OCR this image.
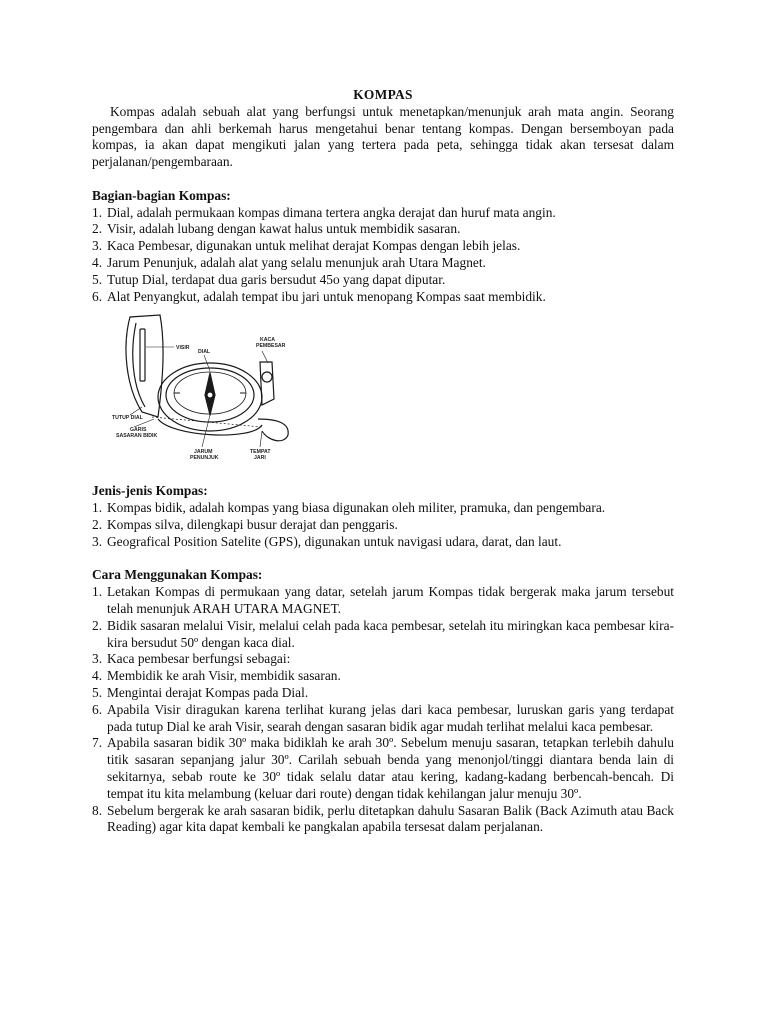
KOMPAS

Kompas adalah sebuah alat yang berfungsi untuk menetapkan/menunjuk arah mata angin. Seorang pengembara dan ahli berkemah harus mengetahui benar tentang kompas. Dengan bersemboyan pada kompas, ia akan dapat mengikuti jalan yang tertera pada peta, sehingga tidak akan tersesat dalam perjalanan/pengembaraan.

Bagian-bagian Kompas:

1. Dial, adalah permukaan kompas dimana tertera angka derajat dan huruf mata angin.
2. Visir, adalah lubang dengan kawat halus untuk membidik sasaran.
3. Kaca Pembesar, digunakan untuk melihat derajat Kompas dengan lebih jelas.
4. Jarum Penunjuk, adalah alat yang selalu menunjuk arah Utara Magnet.
5. Tutup Dial, terdapat dua garis bersudut 45o yang dapat diputar.
6. Alat Penyangkut, adalah tempat ibu jari untuk menopang Kompas saat membidik.
VISIR
KACA
PEMBESAR
DIAL
TUTUP DIAL
GARIS
SASARAN BIDIK
JARUM
PENUNJUK
TEMPAT
JARI

Jenis-jenis Kompas:

1. Kompas bidik, adalah kompas yang biasa digunakan oleh militer, pramuka, dan pengembara.
2. Kompas silva, dilengkapi busur derajat dan penggaris.
3. Geografical Position Satelite (GPS), digunakan untuk navigasi udara, darat, dan laut.

Cara Menggunakan Kompas:

1. Letakan Kompas di permukaan yang datar, setelah jarum Kompas tidak bergerak maka jarum tersebut telah menunjuk ARAH UTARA MAGNET.
2. Bidik sasaran melalui Visir, melalui celah pada kaca pembesar, setelah itu miringkan kaca pembesar kira-kira bersudut 50º dengan kaca dial.
3. Kaca pembesar berfungsi sebagai:
4. Membidik ke arah Visir, membidik sasaran.
5. Mengintai derajat Kompas pada Dial.
6. Apabila Visir diragukan karena terlihat kurang jelas dari kaca pembesar, luruskan garis yang terdapat pada tutup Dial ke arah Visir, searah dengan sasaran bidik agar mudah terlihat melalui kaca pembesar.
7. Apabila sasaran bidik 30º maka bidiklah ke arah 30º. Sebelum menuju sasaran, tetapkan terlebih dahulu titik sasaran sepanjang jalur 30º. Carilah sebuah benda yang menonjol/tinggi diantara benda lain di sekitarnya, sebab route ke 30º tidak selalu datar atau kering, kadang-kadang berbencah-bencah. Di tempat itu kita melambung (keluar dari route) dengan tidak kehilangan jalur menuju 30º.
8. Sebelum bergerak ke arah sasaran bidik, perlu ditetapkan dahulu Sasaran Balik (Back Azimuth atau Back Reading) agar kita dapat kembali ke pangkalan apabila tersesat dalam perjalanan.
